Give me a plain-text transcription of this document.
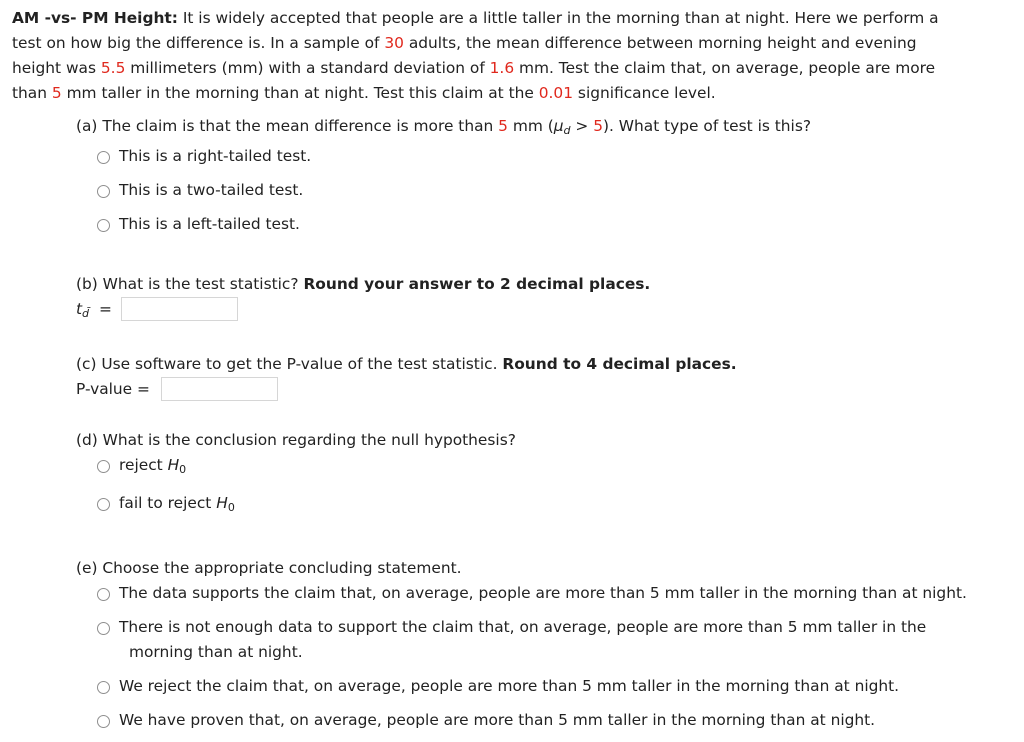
AM -vs- PM Height: It is widely accepted that people are a little taller in the morning than at night. Here we perform a
test on how big the difference is. In a sample of 30 adults, the mean difference between morning height and evening
height was 5.5 millimeters (mm) with a standard deviation of 1.6 mm. Test the claim that, on average, people are more
than 5 mm taller in the morning than at night. Test this claim at the 0.01 significance level.
(a) The claim is that the mean difference is more than 5 mm $(\mu_d > 5)$. What type of test is this?
This is a right-tailed test.
This is a two-tailed test.
This is a left-tailed test.
(b) What is the test statistic? Round your answer to 2 decimal places.
$t_{d̄}$ =
(c) Use software to get the P-value of the test statistic. Round to 4 decimal places.
P-value =
(d) What is the conclusion regarding the null hypothesis?
reject $H_0$
fail to reject $H_0$
(e) Choose the appropriate concluding statement.
The data supports the claim that, on average, people are more than 5 mm taller in the morning than at night.
There is not enough data to support the claim that, on average, people are more than 5 mm taller in the
morning than at night.
We reject the claim that, on average, people are more than 5 mm taller in the morning than at night.
We have proven that, on average, people are more than 5 mm taller in the morning than at night.
